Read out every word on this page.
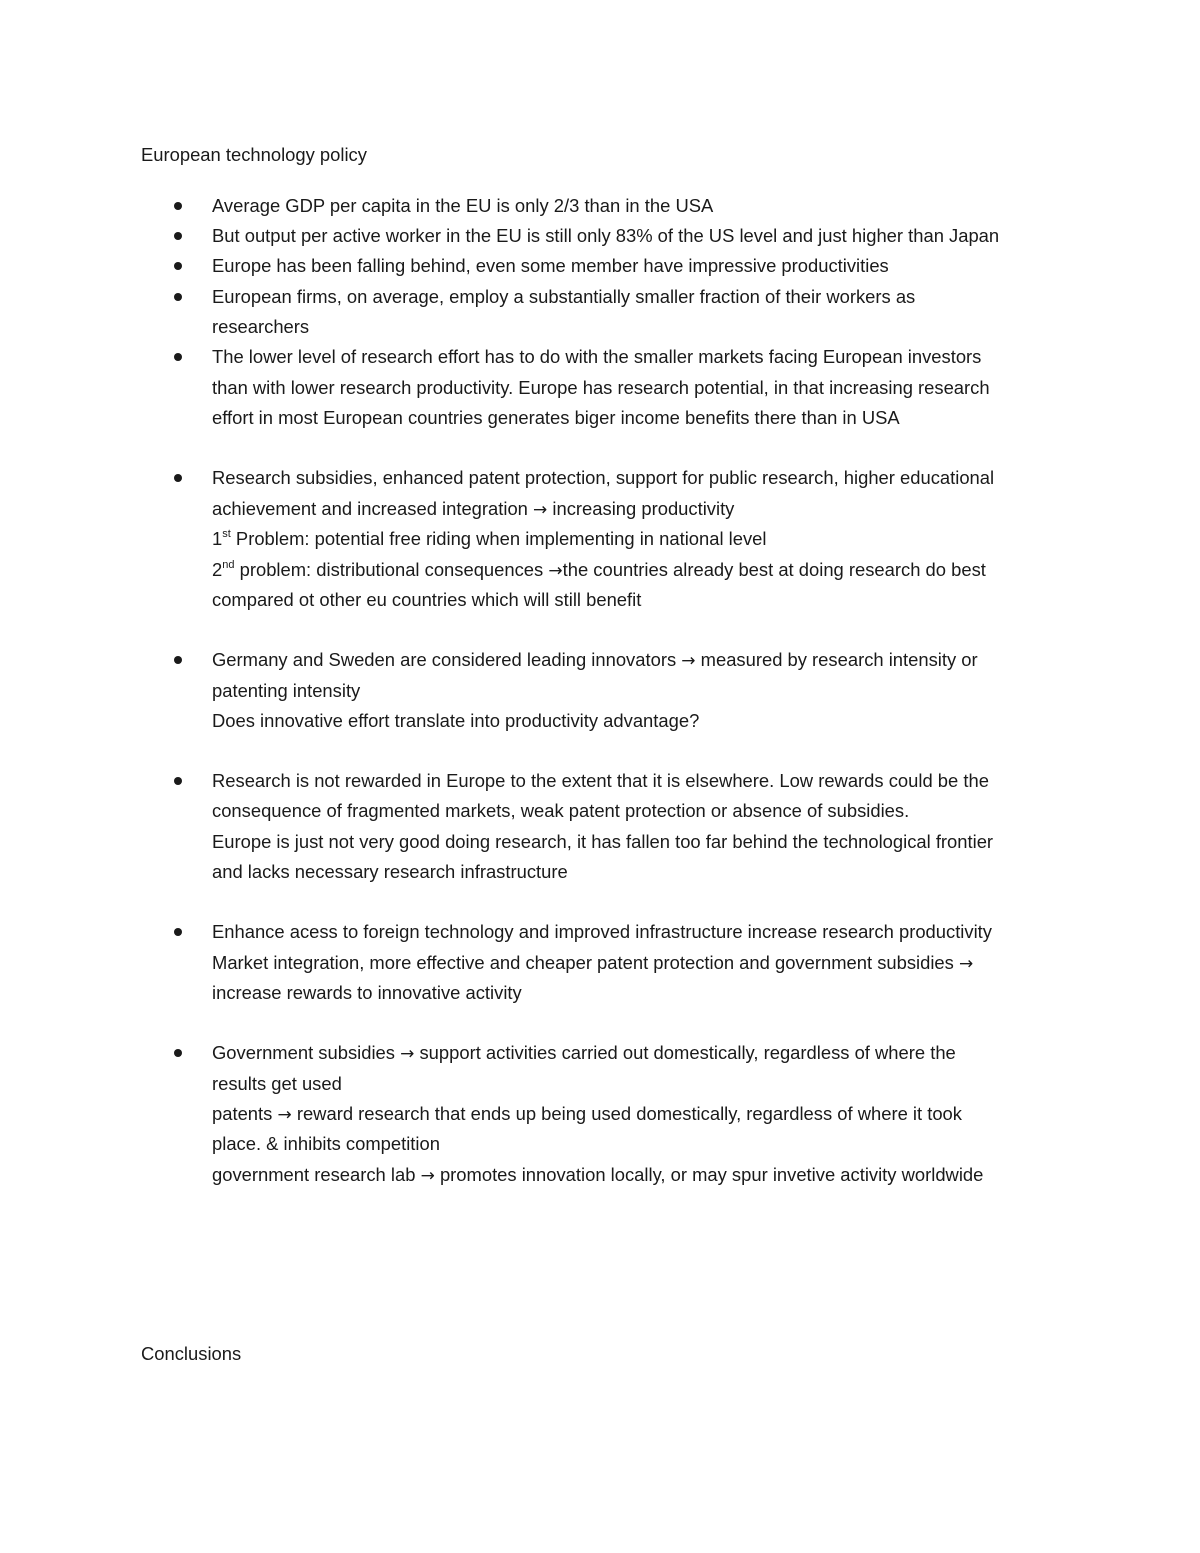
European technology policy
Average GDP per capita in the EU is only 2/3 than in the USA
But output per active worker in the EU is still only 83% of the US level and just higher than Japan
Europe has been falling behind, even some member have impressive productivities
European firms, on average, employ a substantially smaller fraction of their workers as
researchers
The lower level of research effort has to do with the smaller markets facing European investors
than with lower research productivity. Europe has research potential, in that increasing research
effort in most European countries generates biger income benefits there than in USA
Research subsidies, enhanced patent protection, support for public research, higher educational
achievement and increased integration → increasing productivity
1st Problem: potential free riding when implementing in national level
2nd problem: distributional consequences →the countries already best at doing research do best
compared ot other eu countries which will still benefit
Germany and Sweden are considered leading innovators → measured by research intensity or
patenting intensity
Does innovative effort translate into productivity advantage?
Research is not rewarded in Europe to the extent that it is elsewhere. Low rewards could be the
consequence of fragmented markets, weak patent protection or absence of subsidies.
Europe is just not very good doing research, it has fallen too far behind the technological frontier
and lacks necessary research infrastructure
Enhance acess to foreign technology and improved infrastructure increase research productivity
Market integration, more effective and cheaper patent protection and government subsidies →
increase rewards to innovative activity
Government subsidies → support activities carried out domestically, regardless of where the
results get used
patents → reward research that ends up being used domestically, regardless of where it took
place. & inhibits competition
government research lab → promotes innovation locally, or may spur invetive activity worldwide
Conclusions
